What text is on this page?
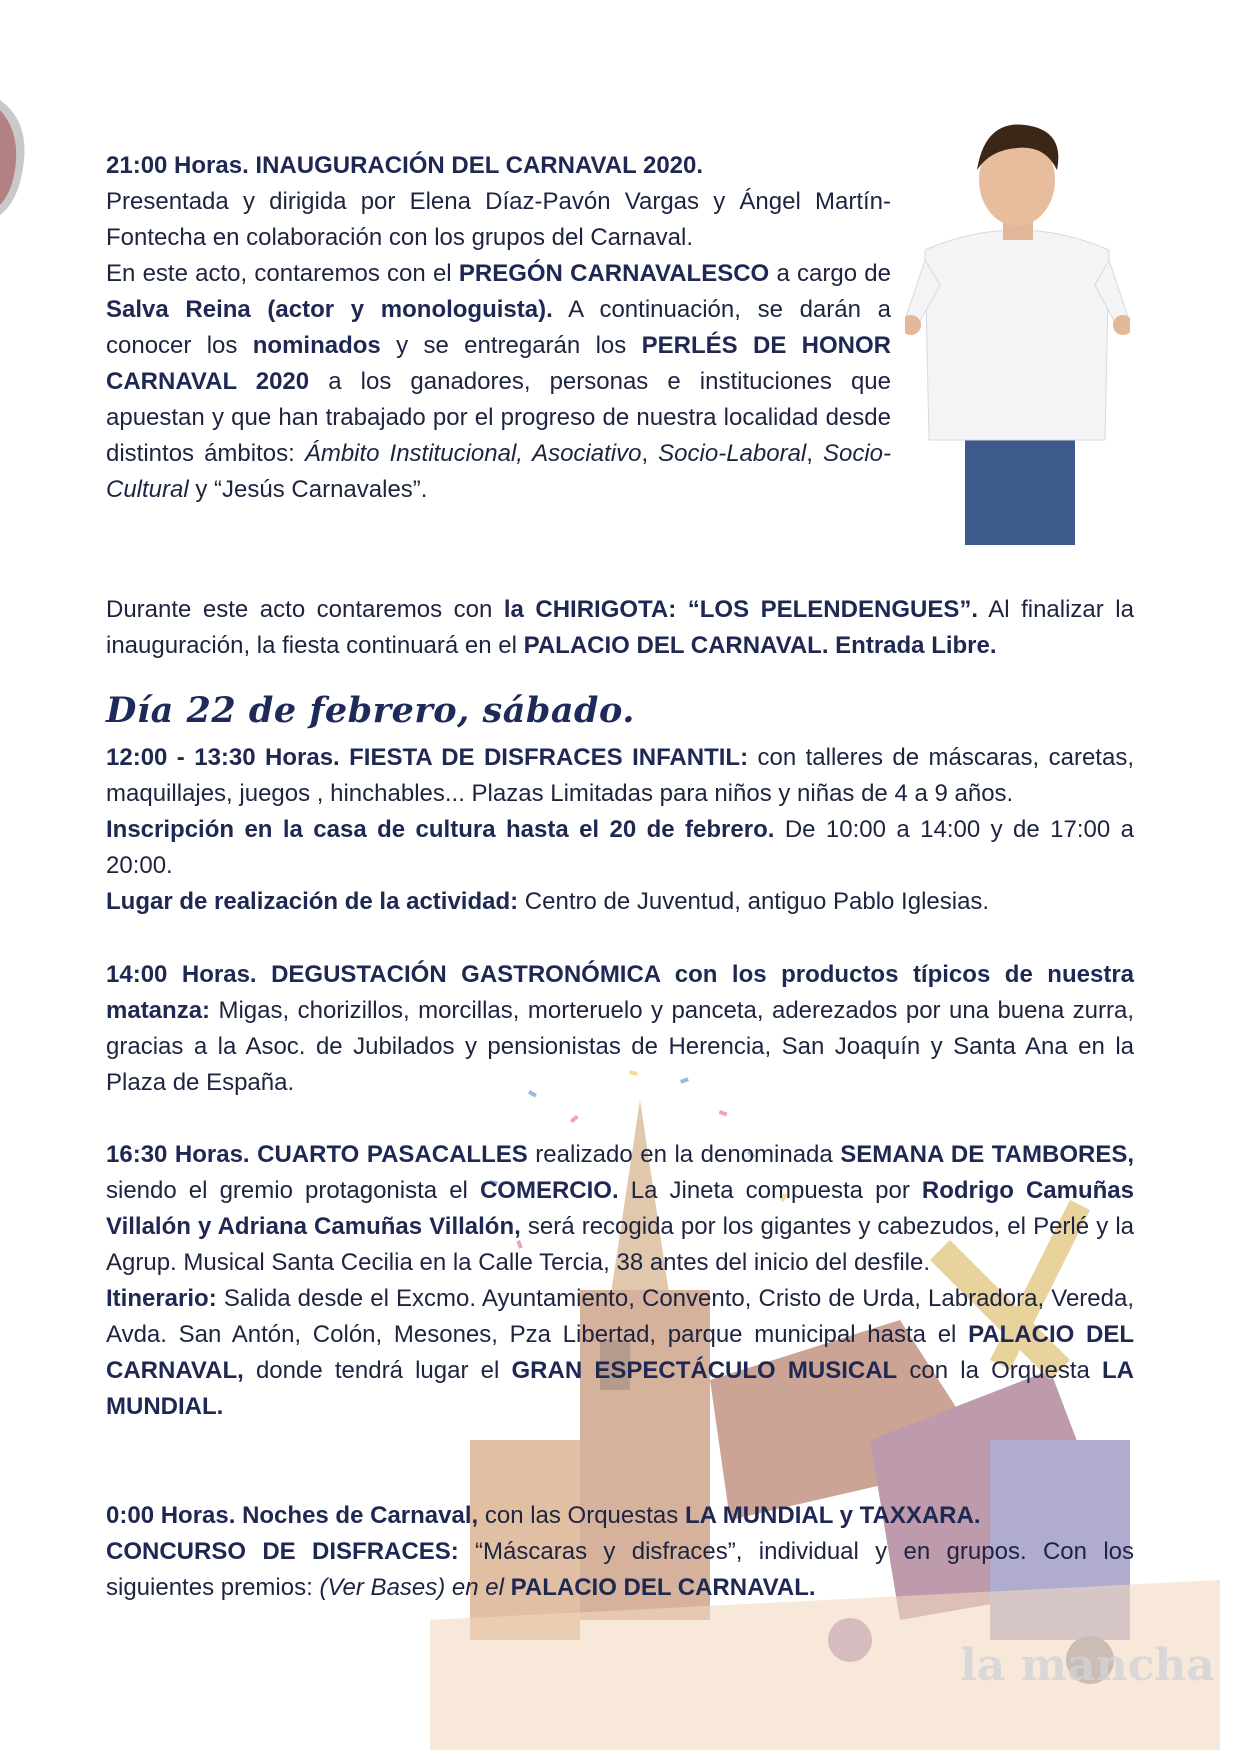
la mancha

21:00 Horas. INAUGURACIÓN DEL CARNAVAL 2020.

Presentada y dirigida por Elena Díaz-Pavón Vargas y Ángel Martín-Fontecha en colaboración con los grupos del Carnaval.

En este acto, contaremos con el PREGÓN CARNAVALESCO a cargo de Salva Reina (actor y monologuista). A continuación, se darán a conocer los nominados y se entregarán los PERLÉS DE HONOR CARNAVAL 2020 a los ganadores, personas e instituciones que apuestan y que han trabajado por el progreso de nuestra localidad desde distintos ámbitos: Ámbito Institucional, Asociativo, Socio-Laboral, Socio-Cultural y “Jesús Carnavales”.

Durante este acto contaremos con la CHIRIGOTA: “LOS PELENDENGUES”. Al finalizar la inauguración, la fiesta continuará en el PALACIO DEL CARNAVAL. Entrada Libre.

Día 22 de febrero, sábado.

12:00 - 13:30 Horas. FIESTA DE DISFRACES INFANTIL: con talleres de máscaras, caretas, maquillajes, juegos , hinchables... Plazas Limitadas para niños y niñas de 4 a 9 años.

Inscripción en la casa de cultura hasta el 20 de febrero. De 10:00 a 14:00 y de 17:00 a 20:00.

Lugar de realización de la actividad: Centro de Juventud, antiguo Pablo Iglesias.

14:00 Horas. DEGUSTACIÓN GASTRONÓMICA con los productos típicos de nuestra matanza: Migas, chorizillos, morcillas, morteruelo y panceta, aderezados por una buena zurra, gracias a la Asoc. de Jubilados y pensionistas de Herencia, San Joaquín y Santa Ana en la Plaza de España.

16:30 Horas. CUARTO PASACALLES realizado en la denominada SEMANA DE TAMBORES, siendo el gremio protagonista el COMERCIO. La Jineta compuesta por Rodrigo Camuñas Villalón y Adriana Camuñas Villalón, será recogida por los gigantes y cabezudos, el Perlé y la Agrup. Musical Santa Cecilia en la Calle Tercia, 38 antes del inicio del desfile.

Itinerario: Salida desde el Excmo. Ayuntamiento, Convento, Cristo de Urda, Labradora, Vereda, Avda. San Antón, Colón, Mesones, Pza Libertad, parque municipal hasta el PALACIO DEL CARNAVAL, donde tendrá lugar el GRAN ESPECTÁCULO MUSICAL con la Orquesta LA MUNDIAL.

0:00 Horas. Noches de Carnaval, con las Orquestas LA MUNDIAL y TAXXARA.

CONCURSO DE DISFRACES: “Máscaras y disfraces”, individual y en grupos. Con los siguientes premios: (Ver Bases) en el PALACIO DEL CARNAVAL.
